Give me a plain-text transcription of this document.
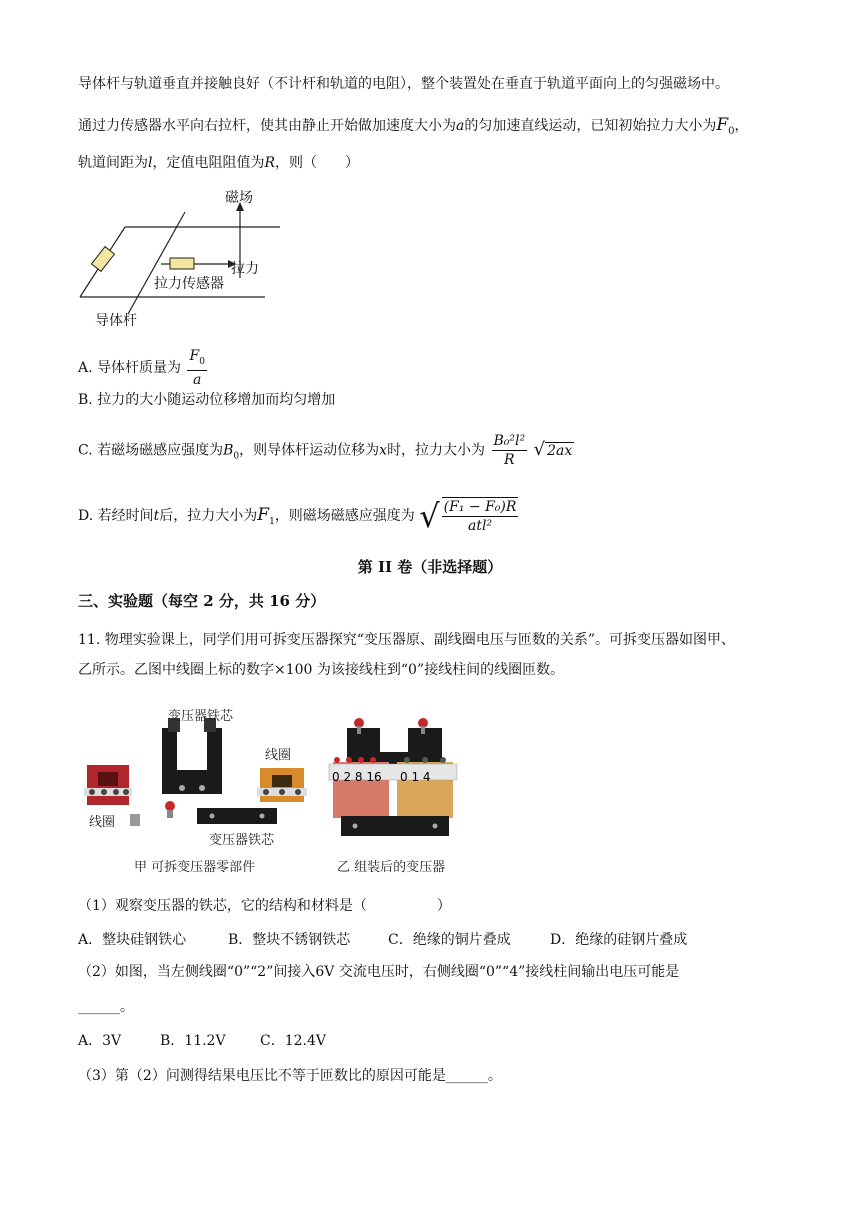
导体杆与轨道垂直并接触良好（不计杆和轨道的电阻），整个装置处在垂直于轨道平面向上的匀强磁场中。
通过力传感器水平向右拉杆，使其由静止开始做加速度大小为a的匀加速直线运动，已知初始拉力大小为$F_0$，
轨道间距为l，定值电阻阻值为R，则（　　）
磁场
拉力
拉力传感器
导体杆
A. 导体杆质量为 $\frac{F_0}{a}$
B. 拉力的大小随运动位移增加而均匀增加
C. 若磁场磁感应强度为$B_0$，则导体杆运动位移为x时，拉力大小为 $\frac{\text{B₀²l²}}{R}$ √ 2ax
D. 若经时间t后，拉力大小为$F_1$，则磁场磁感应强度为 √ $\frac{\text{(F₁ − F₀)R}}{\text{atl²}}$
第 II 卷（非选择题）
三、实验题（每空 2 分，共 16 分）
11. 物理实验课上，同学们用可拆变压器探究“变压器原、副线圈电压与匝数的关系”。可拆变压器如图甲、
乙所示。乙图中线圈上标的数字×100 为该接线柱到“0”接线柱间的线圈匝数。
变压器铁芯
线圈
线圈
变压器铁芯
0 2 8 16 0 1 4
甲 可拆变压器零部件	乙 组装后的变压器
（1）观察变压器的铁芯，它的结构和材料是（　　　　　）
A．整块硅钢铁心	B．整块不锈钢铁芯	C．绝缘的铜片叠成	D．绝缘的硅钢片叠成
（2）如图，当左侧线圈“0”“2”间接入6V 交流电压时，右侧线圈“0”“4”接线柱间输出电压可能是
______。
A．3V	B．11.2V C．12.4V
（3）第（2）问测得结果电压比不等于匝数比的原因可能是______。
